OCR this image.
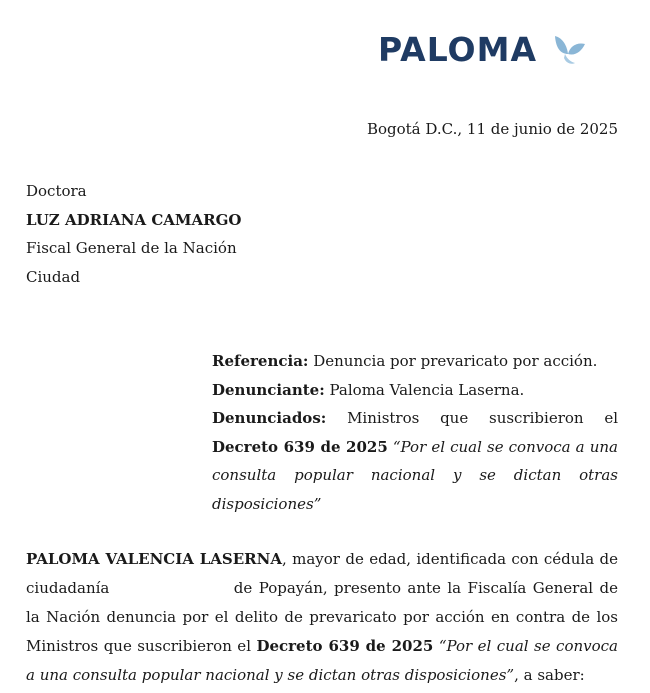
PALOMA
Bogotá D.C., 11 de junio de 2025
Doctora
LUZ ADRIANA CAMARGO
Fiscal General de la Nación
Ciudad
Referencia: Denuncia por prevaricato por acción.
Denunciante: Paloma Valencia Laserna.
Denunciados: Ministros que suscribieron el Decreto 639 de 2025 “Por el cual se convoca a una consulta popular nacional y se dictan otras disposiciones”
PALOMA VALENCIA LASERNA, mayor de edad, identificada con cédula de ciudadanía	de Popayán, presento ante la Fiscalía General de la Nación denuncia por el delito de prevaricato por acción en contra de los Ministros que suscribieron el Decreto 639 de 2025 “Por el cual se convoca a una consulta popular nacional y se dictan otras disposiciones”, a saber:
